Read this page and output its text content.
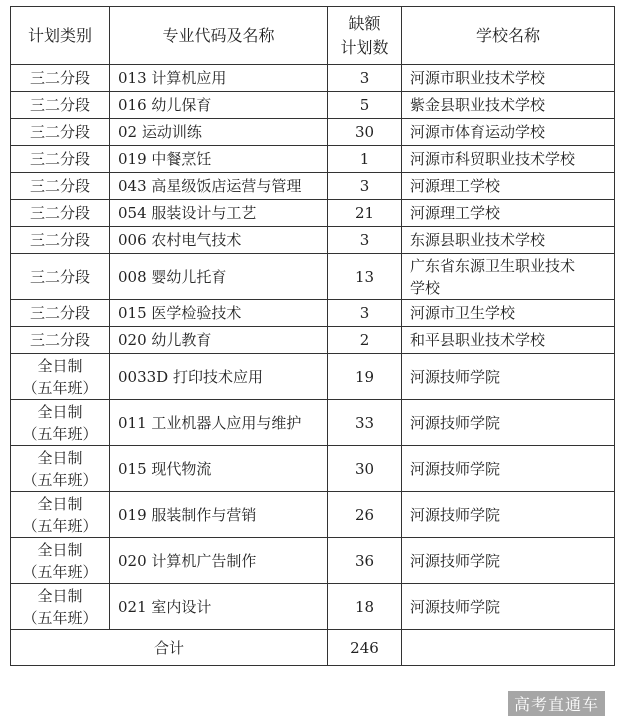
计划类别	专业代码及名称	缺额
计划数	学校名称

三二分段	013 计算机应用	3	河源市职业技术学校

三二分段	016 幼儿保育	5	紫金县职业技术学校

三二分段	02 运动训练	30	河源市体育运动学校

三二分段	019 中餐烹饪	1	河源市科贸职业技术学校

三二分段	043 高星级饭店运营与管理	3	河源理工学校

三二分段	054 服装设计与工艺	21	河源理工学校

三二分段	006 农村电气技术	3	东源县职业技术学校

三二分段	008 婴幼儿托育	13	广东省东源卫生职业技术
学校

三二分段	015 医学检验技术	3	河源市卫生学校

三二分段	020 幼儿教育	2	和平县职业技术学校

全日制
（五年班）	0033D 打印技术应用	19	河源技师学院

全日制
（五年班）	011 工业机器人应用与维护	33	河源技师学院

全日制
（五年班）	015 现代物流	30	河源技师学院

全日制
（五年班）	019 服装制作与营销	26	河源技师学院

全日制
（五年班）	020 计算机广告制作	36	河源技师学院

全日制
（五年班）	021 室内设计	18	河源技师学院

合计		246	
高考直通车
